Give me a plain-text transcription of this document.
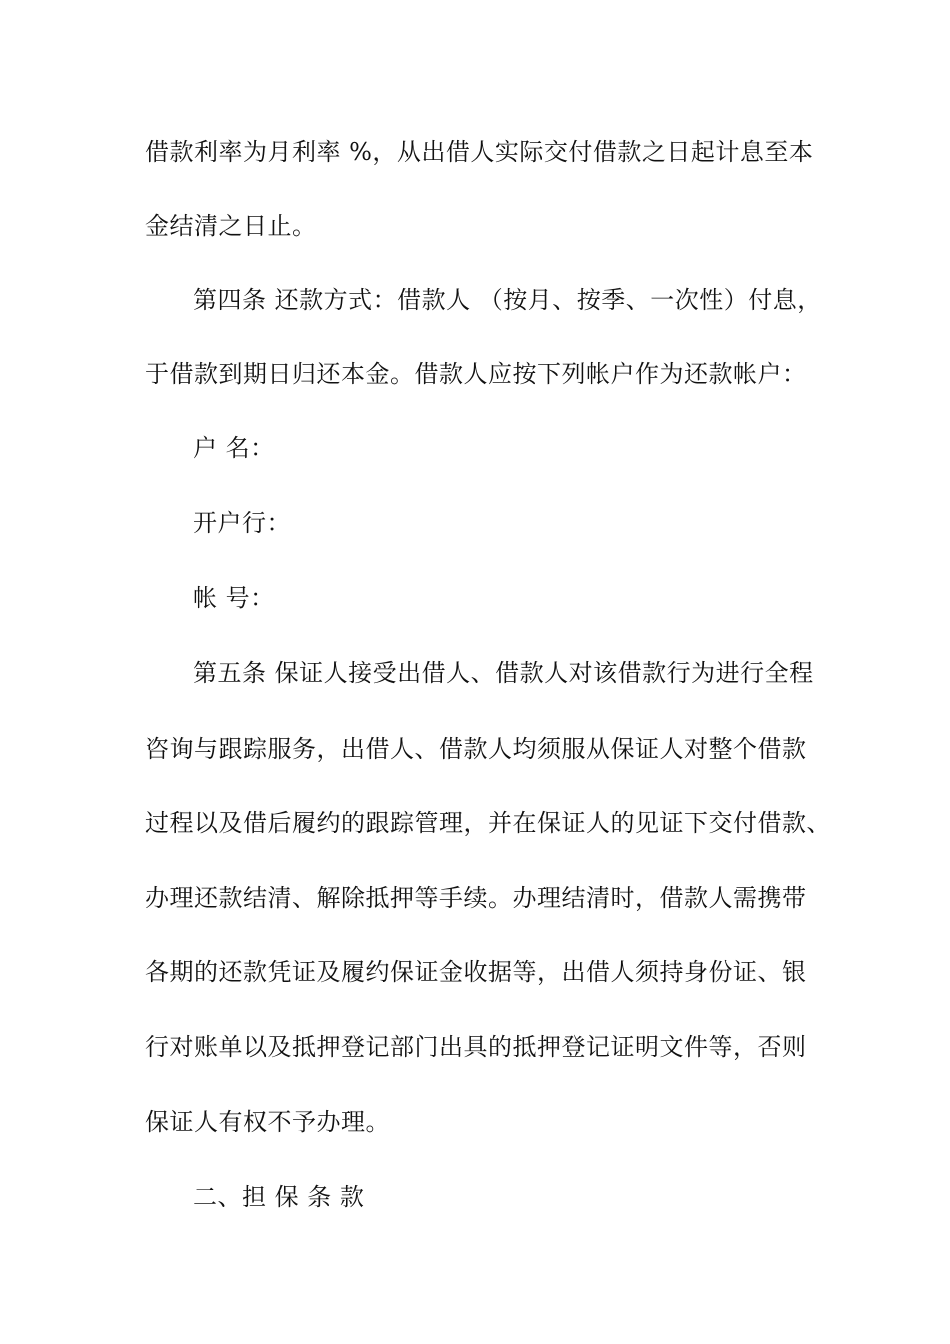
借款利率为月利率 %，从出借人实际交付借款之日起计息至本

金结清之日止。

第四条 还款方式：借款人 （按月、按季、一次性）付息，

于借款到期日归还本金。借款人应按下列帐户作为还款帐户：

户 名：

开户行：

帐 号：

第五条 保证人接受出借人、借款人对该借款行为进行全程

咨询与跟踪服务，出借人、借款人均须服从保证人对整个借款

过程以及借后履约的跟踪管理，并在保证人的见证下交付借款、

办理还款结清、解除抵押等手续。办理结清时，借款人需携带

各期的还款凭证及履约保证金收据等，出借人须持身份证、银

行对账单以及抵押登记部门出具的抵押登记证明文件等，否则

保证人有权不予办理。

二、担 保 条 款
